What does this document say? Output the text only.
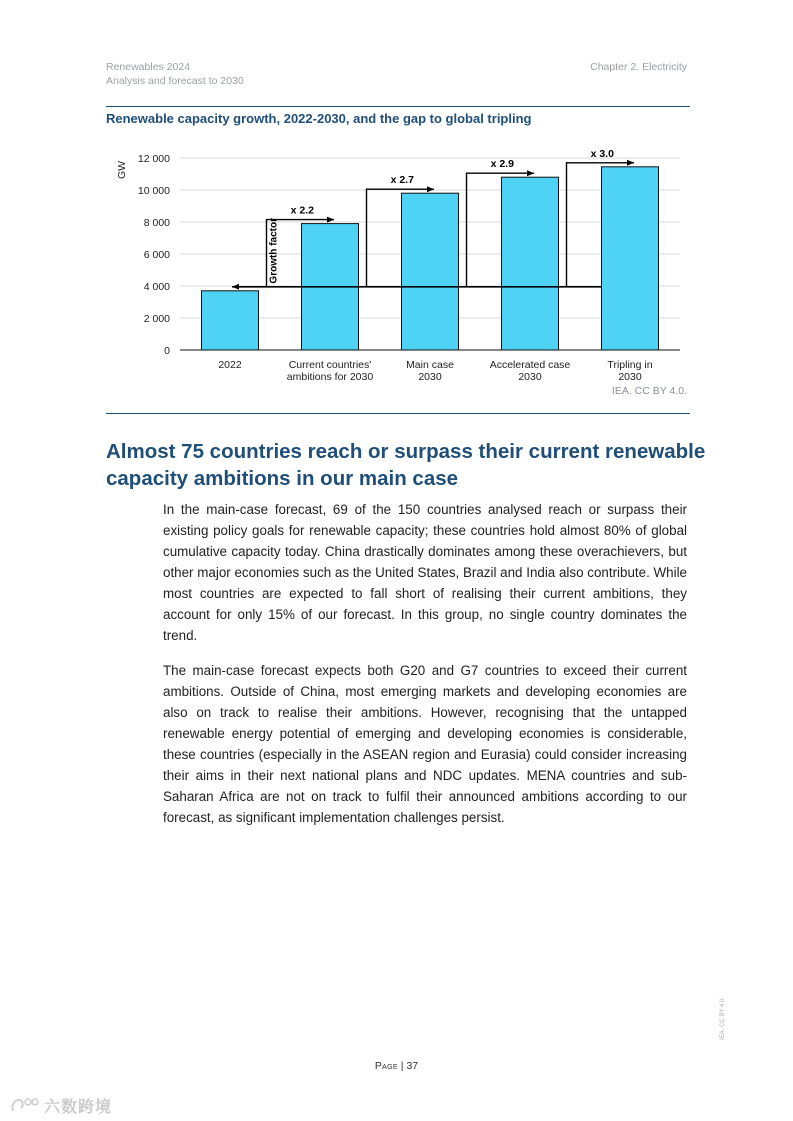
Renewables 2024
Analysis and forecast to 2030
Chapter 2. Electricity
Renewable capacity growth, 2022-2030, and the gap to global tripling
0
2 000
4 000
6 000
8 000
10 000
12 000
GW
2022	Current countries'
ambitions for 2030
Main case
2030
Accelerated case
2030
Tripling in
2030
x 2.2
x 2.7
x 2.9
x 3.0
Growth factor
IEA. CC BY 4.0.
Almost 75 countries reach or surpass their current renewable capacity ambitions in our main case

In the main-case forecast, 69 of the 150 countries analysed reach or surpass their existing policy goals for renewable capacity; these countries hold almost 80% of global cumulative capacity today. China drastically dominates among these overachievers, but other major economies such as the United States, Brazil and India also contribute. While most countries are expected to fall short of realising their current ambitions, they account for only 15% of our forecast. In this group, no single country dominates the trend.

The main-case forecast expects both G20 and G7 countries to exceed their current ambitions. Outside of China, most emerging markets and developing economies are also on track to realise their ambitions. However, recognising that the untapped renewable energy potential of emerging and developing economies is considerable, these countries (especially in the ASEAN region and Eurasia) could consider increasing their aims in their next national plans and NDC updates. MENA countries and sub-Saharan Africa are not on track to fulfil their announced ambitions according to our forecast, as significant implementation challenges persist.

Page | 37
IEA. CC BY 4.0.
六数跨境
